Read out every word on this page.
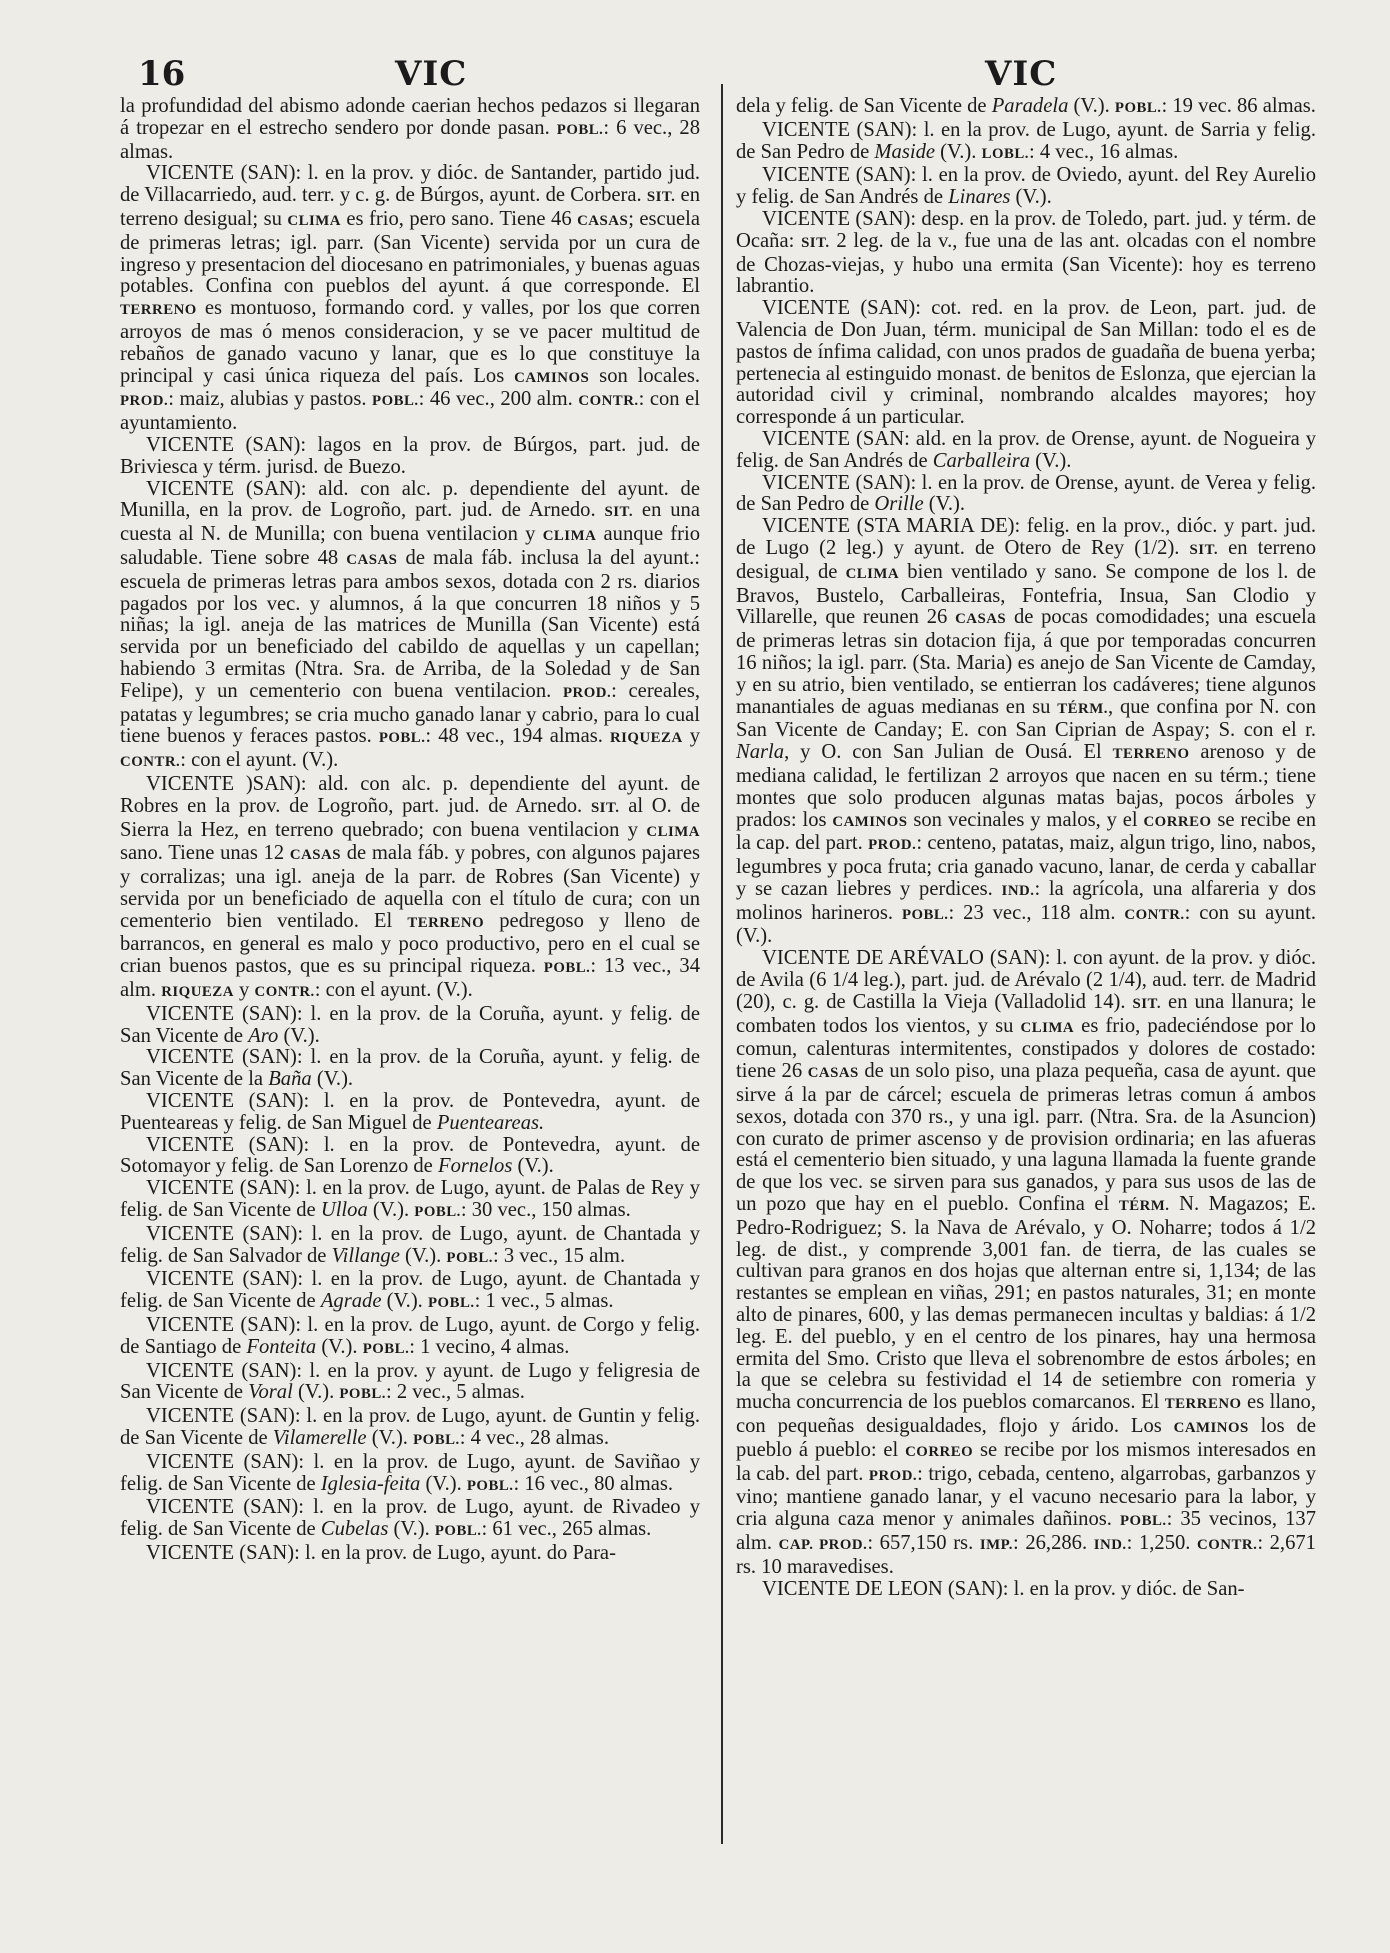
16	VIC	VIC

la profundidad del abismo adonde caerian hechos pedazos si llegaran á tropezar en el estrecho sendero por donde pasan. POBL.: 6 vec., 28 almas.

VICENTE (SAN): l. en la prov. y dióc. de Santander, partido jud. de Villacarriedo, aud. terr. y c. g. de Búrgos, ayunt. de Corbera. SIT. en terreno desigual; su CLIMA es frio, pero sano. Tiene 46 CASAS; escuela de primeras letras; igl. parr. (San Vicente) servida por un cura de ingreso y presentacion del diocesano en patrimoniales, y buenas aguas potables. Confina con pueblos del ayunt. á que corresponde. El TERRENO es montuoso, formando cord. y valles, por los que corren arroyos de mas ó menos consideracion, y se ve pacer multitud de rebaños de ganado vacuno y lanar, que es lo que constituye la principal y casi única riqueza del país. Los CAMINOS son locales. PROD.: maiz, alubias y pastos. POBL.: 46 vec., 200 alm. CONTR.: con el ayuntamiento.

VICENTE (SAN): lagos en la prov. de Búrgos, part. jud. de Briviesca y térm. jurisd. de Buezo.

VICENTE (SAN): ald. con alc. p. dependiente del ayunt. de Munilla, en la prov. de Logroño, part. jud. de Arnedo. SIT. en una cuesta al N. de Munilla; con buena ventilacion y CLIMA aunque frio saludable. Tiene sobre 48 CASAS de mala fáb. inclusa la del ayunt.: escuela de primeras letras para ambos sexos, dotada con 2 rs. diarios pagados por los vec. y alumnos, á la que concurren 18 niños y 5 niñas; la igl. aneja de las matrices de Munilla (San Vicente) está servida por un beneficiado del cabildo de aquellas y un capellan; habiendo 3 ermitas (Ntra. Sra. de Arriba, de la Soledad y de San Felipe), y un cementerio con buena ventilacion. PROD.: cereales, patatas y legumbres; se cria mucho ganado lanar y cabrio, para lo cual tiene buenos y feraces pastos. POBL.: 48 vec., 194 almas. RIQUEZA y CONTR.: con el ayunt. (V.).

VICENTE )SAN): ald. con alc. p. dependiente del ayunt. de Robres en la prov. de Logroño, part. jud. de Arnedo. SIT. al O. de Sierra la Hez, en terreno quebrado; con buena ventilacion y CLIMA sano. Tiene unas 12 CASAS de mala fáb. y pobres, con algunos pajares y corralizas; una igl. aneja de la parr. de Robres (San Vicente) y servida por un beneficiado de aquella con el título de cura; con un cementerio bien ventilado. El TERRENO pedregoso y lleno de barrancos, en general es malo y poco productivo, pero en el cual se crian buenos pastos, que es su principal riqueza. POBL.: 13 vec., 34 alm. RIQUEZA y CONTR.: con el ayunt. (V.).

VICENTE (SAN): l. en la prov. de la Coruña, ayunt. y felig. de San Vicente de Aro (V.).

VICENTE (SAN): l. en la prov. de la Coruña, ayunt. y felig. de San Vicente de la Baña (V.).

VICENTE (SAN): l. en la prov. de Pontevedra, ayunt. de Puenteareas y felig. de San Miguel de Puenteareas.

VICENTE (SAN): l. en la prov. de Pontevedra, ayunt. de Sotomayor y felig. de San Lorenzo de Fornelos (V.).

VICENTE (SAN): l. en la prov. de Lugo, ayunt. de Palas de Rey y felig. de San Vicente de Ulloa (V.). POBL.: 30 vec., 150 almas.

VICENTE (SAN): l. en la prov. de Lugo, ayunt. de Chantada y felig. de San Salvador de Villange (V.). POBL.: 3 vec., 15 alm.

VICENTE (SAN): l. en la prov. de Lugo, ayunt. de Chantada y felig. de San Vicente de Agrade (V.). POBL.: 1 vec., 5 almas.

VICENTE (SAN): l. en la prov. de Lugo, ayunt. de Corgo y felig. de Santiago de Fonteita (V.). POBL.: 1 vecino, 4 almas.

VICENTE (SAN): l. en la prov. y ayunt. de Lugo y feligresia de San Vicente de Voral (V.). POBL.: 2 vec., 5 almas.

VICENTE (SAN): l. en la prov. de Lugo, ayunt. de Guntin y felig. de San Vicente de Vilamerelle (V.). POBL.: 4 vec., 28 almas.

VICENTE (SAN): l. en la prov. de Lugo, ayunt. de Saviñao y felig. de San Vicente de Iglesia-feita (V.). POBL.: 16 vec., 80 almas.

VICENTE (SAN): l. en la prov. de Lugo, ayunt. de Rivadeo y felig. de San Vicente de Cubelas (V.). POBL.: 61 vec., 265 almas.

VICENTE (SAN): l. en la prov. de Lugo, ayunt. do Para-

dela y felig. de San Vicente de Paradela (V.). POBL.: 19 vec. 86 almas.

VICENTE (SAN): l. en la prov. de Lugo, ayunt. de Sarria y felig. de San Pedro de Maside (V.). LOBL.: 4 vec., 16 almas.

VICENTE (SAN): l. en la prov. de Oviedo, ayunt. del Rey Aurelio y felig. de San Andrés de Linares (V.).

VICENTE (SAN): desp. en la prov. de Toledo, part. jud. y térm. de Ocaña: SIT. 2 leg. de la v., fue una de las ant. olcadas con el nombre de Chozas-viejas, y hubo una ermita (San Vicente): hoy es terreno labrantio.

VICENTE (SAN): cot. red. en la prov. de Leon, part. jud. de Valencia de Don Juan, térm. municipal de San Millan: todo el es de pastos de ínfima calidad, con unos prados de guadaña de buena yerba; pertenecia al estinguido monast. de benitos de Eslonza, que ejercian la autoridad civil y criminal, nombrando alcaldes mayores; hoy corresponde á un particular.

VICENTE (SAN: ald. en la prov. de Orense, ayunt. de Nogueira y felig. de San Andrés de Carballeira (V.).

VICENTE (SAN): l. en la prov. de Orense, ayunt. de Verea y felig. de San Pedro de Orille (V.).

VICENTE (STA MARIA DE): felig. en la prov., dióc. y part. jud. de Lugo (2 leg.) y ayunt. de Otero de Rey (1/2). SIT. en terreno desigual, de CLIMA bien ventilado y sano. Se compone de los l. de Bravos, Bustelo, Carballeiras, Fontefria, Insua, San Clodio y Villarelle, que reunen 26 CASAS de pocas comodidades; una escuela de primeras letras sin dotacion fija, á que por temporadas concurren 16 niños; la igl. parr. (Sta. Maria) es anejo de San Vicente de Camday, y en su atrio, bien ventilado, se entierran los cadáveres; tiene algunos manantiales de aguas medianas en su TÉRM., que confina por N. con San Vicente de Canday; E. con San Ciprian de Aspay; S. con el r. Narla, y O. con San Julian de Ousá. El TERRENO arenoso y de mediana calidad, le fertilizan 2 arroyos que nacen en su térm.; tiene montes que solo producen algunas matas bajas, pocos árboles y prados: los CAMINOS son vecinales y malos, y el CORREO se recibe en la cap. del part. PROD.: centeno, patatas, maiz, algun trigo, lino, nabos, legumbres y poca fruta; cria ganado vacuno, lanar, de cerda y caballar y se cazan liebres y perdices. IND.: la agrícola, una alfareria y dos molinos harineros. POBL.: 23 vec., 118 alm. CONTR.: con su ayunt. (V.).

VICENTE DE ARÉVALO (SAN): l. con ayunt. de la prov. y dióc. de Avila (6 1/4 leg.), part. jud. de Arévalo (2 1/4), aud. terr. de Madrid (20), c. g. de Castilla la Vieja (Valladolid 14). SIT. en una llanura; le combaten todos los vientos, y su CLIMA es frio, padeciéndose por lo comun, calenturas intermitentes, constipados y dolores de costado: tiene 26 CASAS de un solo piso, una plaza pequeña, casa de ayunt. que sirve á la par de cárcel; escuela de primeras letras comun á ambos sexos, dotada con 370 rs., y una igl. parr. (Ntra. Sra. de la Asuncion) con curato de primer ascenso y de provision ordinaria; en las afueras está el cementerio bien situado, y una laguna llamada la fuente grande de que los vec. se sirven para sus ganados, y para sus usos de las de un pozo que hay en el pueblo. Confina el TÉRM. N. Magazos; E. Pedro-Rodriguez; S. la Nava de Arévalo, y O. Noharre; todos á 1/2 leg. de dist., y comprende 3,001 fan. de tierra, de las cuales se cultivan para granos en dos hojas que alternan entre si, 1,134; de las restantes se emplean en viñas, 291; en pastos naturales, 31; en monte alto de pinares, 600, y las demas permanecen incultas y baldias: á 1/2 leg. E. del pueblo, y en el centro de los pinares, hay una hermosa ermita del Smo. Cristo que lleva el sobrenombre de estos árboles; en la que se celebra su festividad el 14 de setiembre con romeria y mucha concurrencia de los pueblos comarcanos. El TERRENO es llano, con pequeñas desigualdades, flojo y árido. Los CAMINOS los de pueblo á pueblo: el CORREO se recibe por los mismos interesados en la cab. del part. PROD.: trigo, cebada, centeno, algarrobas, garbanzos y vino; mantiene ganado lanar, y el vacuno necesario para la labor, y cria alguna caza menor y animales dañinos. POBL.: 35 vecinos, 137 alm. CAP. PROD.: 657,150 rs. IMP.: 26,286. IND.: 1,250. CONTR.: 2,671 rs. 10 maravedises.

VICENTE DE LEON (SAN): l. en la prov. y dióc. de San-
